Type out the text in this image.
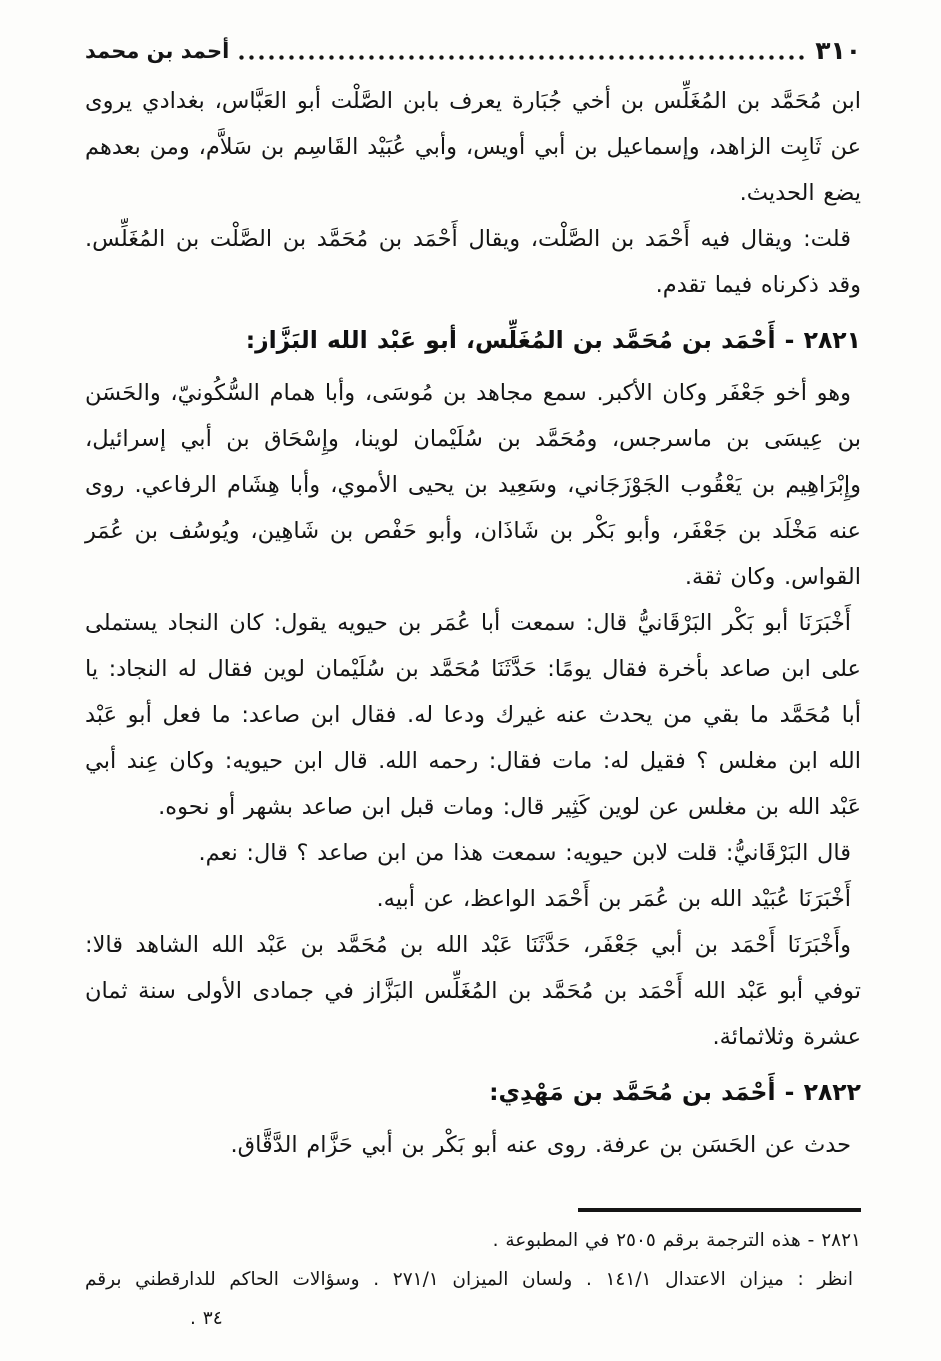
٣١٠
أحمد بن محمد

ابن مُحَمَّد بن المُغَلِّس بن أخي جُبَارة يعرف بابن الصَّلْت أبو العَبَّاس، بغدادي يروى عن ثَابِت الزاهد، وإسماعيل بن أبي أويس، وأبي عُبَيْد القَاسِم بن سَلاَّم، ومن بعدهم يضع الحديث.

قلت: ويقال فيه أَحْمَد بن الصَّلْت، ويقال أَحْمَد بن مُحَمَّد بن الصَّلْت بن المُغَلِّس. وقد ذكرناه فيما تقدم.

٢٨٢١ - أَحْمَد بن مُحَمَّد بن المُغَلِّس، أبو عَبْد الله البَزَّاز:

وهو أخو جَعْفَر وكان الأكبر. سمع مجاهد بن مُوسَى، وأبا همام السُّكُونيّ، والحَسَن بن عِيسَى بن ماسرجس، ومُحَمَّد بن سُلَيْمان لوينا، وإِسْحَاق بن أبي إسرائيل، وإِبْرَاهِيم بن يَعْقُوب الجَوْزَجَاني، وسَعِيد بن يحيى الأموي، وأبا هِشَام الرفاعي. روى عنه مَخْلَد بن جَعْفَر، وأبو بَكْر بن شَاذَان، وأبو حَفْص بن شَاهِين، ويُوسُف بن عُمَر القواس. وكان ثقة.

أَخْبَرَنَا أبو بَكْر البَرْقَانيُّ قال: سمعت أبا عُمَر بن حيويه يقول: كان النجاد يستملى على ابن صاعد بأخرة فقال يومًا: حَدَّثَنَا مُحَمَّد بن سُلَيْمان لوين فقال له النجاد: يا أبا مُحَمَّد ما بقي من يحدث عنه غيرك ودعا له. فقال ابن صاعد: ما فعل أبو عَبْد الله ابن مغلس ؟ فقيل له: مات فقال: رحمه الله. قال ابن حيويه: وكان عِند أبي عَبْد الله بن مغلس عن لوين كَثِير قال: ومات قبل ابن صاعد بشهر أو نحوه.

قال البَرْقَانيُّ: قلت لابن حيويه: سمعت هذا من ابن صاعد ؟ قال: نعم.

أَخْبَرَنَا عُبَيْد الله بن عُمَر بن أَحْمَد الواعظ، عن أبيه.

وأَخْبَرَنَا أَحْمَد بن أبي جَعْفَر، حَدَّثَنَا عَبْد الله بن مُحَمَّد بن عَبْد الله الشاهد قالا: توفي أبو عَبْد الله أَحْمَد بن مُحَمَّد بن المُغَلِّس البَزَّاز في جمادى الأولى سنة ثمان عشرة وثلاثمائة.

٢٨٢٢ - أَحْمَد بن مُحَمَّد بن مَهْدِي:

حدث عن الحَسَن بن عرفة. روى عنه أبو بَكْر بن أبي حَزَّام الدَّقَّاق.

٢٨٢١ - هذه الترجمة برقم ٢٥٠٥ في المطبوعة .

انظر : ميزان الاعتدال ١٤١/١ . ولسان الميزان ٢٧١/١ . وسؤالات الحاكم للدارقطني برقم

٣٤ .
